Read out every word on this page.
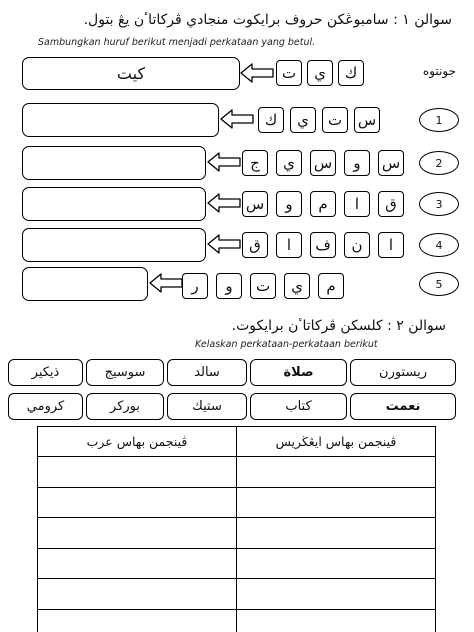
سوالن ١ : سامبوڠكن حروف برايكوت منجادي ڤركاتاٴن يڠ بتول.
Sambungkan huruf berikut menjadi perkataan yang betul.
كيت	ت ي ك	جونتوه
ك ي ت س	1
ج ي س و س	2
س و م ا ق	3
ق ا ف ن ا	4
ر و ت ي م	5
سوالن ٢ : كلسكن ڤركاتاٴن برايكوت.
Kelaskan perkataan-perkataan berikut
ريستورن
صلاة
سالد
سوسيج
ذيكير
نعمت
كتاب
ستيك
بوركر
كرومي
ڤينجمن بهاس عرب	ڤينجمن بهاس ايڠڬريس
